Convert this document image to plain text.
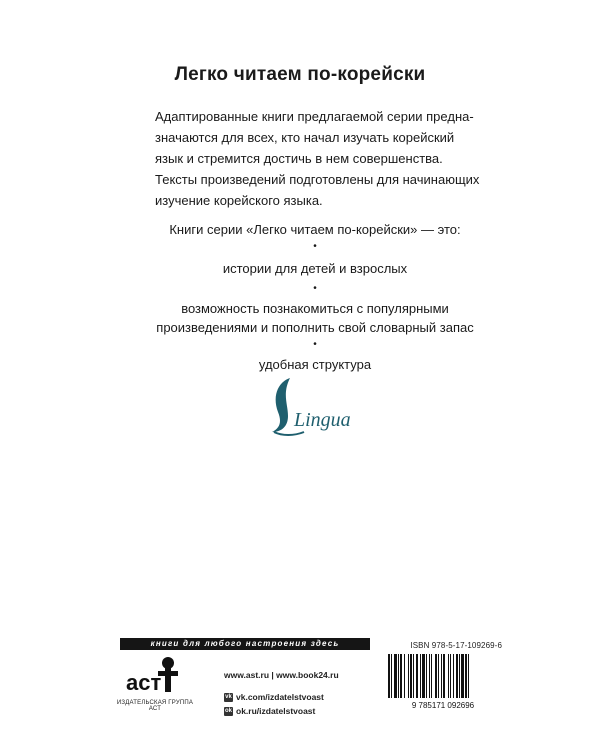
Легко читаем по-корейски

Адаптированные книги предлагаемой серии предна-

значаются для всех, кто начал изучать корейский

язык и стремится достичь в нем совершенства.

Тексты произведений подготовлены для начинающих

изучение корейского языка.

Книги серии «Легко читаем по-корейски» — это:
•
истории для детей и взрослых
•
возможность познакомиться с популярными
произведениями и пополнить свой словарный запас
•
удобная структура
Lingua
книги для любого настроения здесь
аст
ИЗДАТЕЛЬСКАЯ ГРУППА АСТ
www.ast.ru | www.book24.ru
vk vk.com/izdatelstvoast
ok ok.ru/izdatelstvoast
ISBN 978-5-17-109269-6
9 785171 092696
